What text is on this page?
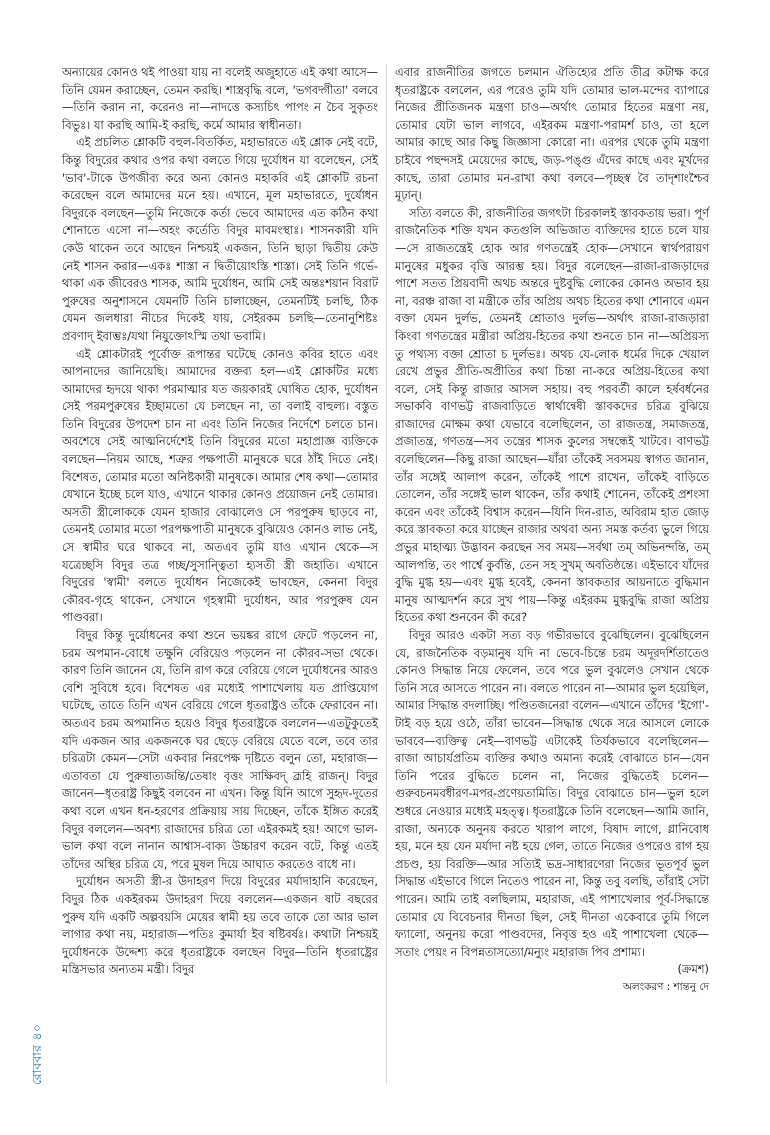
অন্যায়ের কোনও থই পাওয়া যায় না বলেই অজুহাতে এই কথা আসে—তিনি যেমন করাচ্ছেন, তেমন করছি। শাস্ত্রবৃদ্ধি বলে, 'ভগবদ্গীতা' বলবে—তিনি করান না, করেনও না—নাদত্তে কস্যচিৎ পাপং ন চৈব সুকৃতং বিভুঃ। যা করছি আমি-ই করছি, কর্মে আমার স্বাধীনতা।

এই প্রচলিত শ্লোকটি বহুল-বিতর্কিত, মহাভারতে এই শ্লোক নেই বটে, কিন্তু বিদুরের কথার ওপর কথা বলতে গিয়ে দুর্যোধন যা বলেছেন, সেই 'ভাব'-টাকে উপজীব্য করে অন্য কোনও মহাকবি এই শ্লোকটি রচনা করেছেন বলে আমাদের মনে হয়। এখানে, মূল মহাভারতে, দুর্যোধন বিদুরকে বলছেন—তুমি নিজেকে কর্তা ভেবে আমাদের এত কঠিন কথা শোনাতে এসো না—অহং কর্তেতি বিদুর মাবমংস্থাঃ। শাসনকারী যদি কেউ থাকেন তবে আছেন নিশ্চয়ই একজন, তিনি ছাড়া দ্বিতীয় কেউ নেই শাসন করার—একঃ শাস্তা ন দ্বিতীয়োঽস্তি শাস্তা। সেই তিনি গর্ভে-থাকা এক জীবেরও শাসক, আমি দুর্যোধন, আমি সেই অন্তঃশয়ান বিরাট পুরুষের অনুশাসনে যেমনটি তিনি চালাচ্ছেন, তেমনটিই চলছি, ঠিক যেমন জলধারা নীচের দিকেই যায়, সেইরকম চলছি—তেনানুশিষ্টঃ প্রবণাদ্ ইবাম্ভঃ/যথা নিযুক্তোঽস্মি তথা ভবামি।

এই শ্লোকটারই পূর্বোক্ত রূপান্তর ঘটেছে কোনও কবির হাতে এবং আপনাদের জানিয়েছি। আমাদের বক্তব্য হল—এই শ্লোকটির মধ্যে আমাদের হৃদয়ে থাকা পরমাত্মার যত জয়কারই ঘোষিত হোক, দুর্যোধন সেই পরমপুরুষের ইচ্ছামতো যে চলছেন না, তা বলাই বাহুল্য। বস্তুত তিনি বিদুরের উপদেশ চান না এবং তিনি নিজের নির্দেশে চলতে চান। অবশেষে সেই আত্মনির্দেশেই তিনি বিদুরের মতো মহাপ্রাজ্ঞ ব্যক্তিকে বলছেন—নিয়ম আছে, শত্রুর পক্ষপাতী মানুষকে ঘরে ঠাঁই দিতে নেই। বিশেষত, তোমার মতো অনিষ্টকারী মানুষকে। আমার শেষ কথা—তোমার যেখানে ইচ্ছে চলে যাও, এখানে থাকার কোনও প্রয়োজন নেই তোমার। অসতী স্ত্রীলোককে যেমন হাজার বোঝালেও সে পরপুরুষ ছাড়বে না, তেমনই তোমার মতো পরপক্ষপাতী মানুষকে বুঝিয়েও কোনও লাভ নেই, সে স্বামীর ঘরে থাকবে না, অতএব তুমি যাও এখান থেকে—স যত্রেচ্ছসি বিদুর তত্র গচ্ছ/সুসান্ত্বিতা হ্যসতী স্ত্রী জহাতি। এখানে বিদুরের 'স্বামী' বলতে দুর্যোধন নিজেকেই ভাবছেন, কেননা বিদুর কৌরব-গৃহে থাকেন, সেখানে গৃহস্বামী দুর্যোধন, আর পরপুরুষ যেন পাণ্ডবরা।

বিদুর কিন্তু দুর্যোধনের কথা শুনে ভয়ঙ্কর রাগে ফেটে পড়লেন না, চরম অপমান-বোধে তক্ষুনি বেরিয়েও পড়লেন না কৌরব-সভা থেকে। কারণ তিনি জানেন যে, তিনি রাগ করে বেরিয়ে গেলে দুর্যোধনের আরও বেশি সুবিধে হবে। বিশেষত এর মধ্যেই পাশাখেলায় যত প্রাপ্তিযোগ ঘটেছে, তাতে তিনি এখন বেরিয়ে গেলে ধৃতরাষ্ট্রও তাঁকে ফেরাবেন না। অতএব চরম অপমানিত হয়েও বিদুর ধৃতরাষ্ট্রকে বললেন—এতটুকুতেই যদি একজন আর একজনকে ঘর ছেড়ে বেরিয়ে যেতে বলে, তবে তার চরিত্রটা কেমন—সেটা একবার নিরপেক্ষ দৃষ্টিতে বলুন তো, মহারাজ—এতাবতা যে পুরুষাত্যজন্তি/তেষাং বৃত্তং সাক্ষিবদ্ ব্রূহি রাজন্। বিদুর জানেন—ধৃতরাষ্ট্র কিছুই বলবেন না এখন। কিন্তু যিনি আগে সুহৃদ-দূতের কথা বলে এখন ধন-হরণের প্রক্রিয়ায় সায় দিচ্ছেন, তাঁকে ইঙ্গিত করেই বিদুর বললেন—অবশ্য রাজাদের চরিত্র তো এইরকমই হয়! আগে ভাল-ভাল কথা বলে নানান আশ্বাস-বাক্য উচ্চারণ করেন বটে, কিন্তু এতই তাঁদের অস্থির চরিত্র যে, পরে মুষল দিয়ে আঘাত করতেও বাধে না।

দুর্যোধন অসতী স্ত্রী-র উদাহরণ দিয়ে বিদুরের মর্যাদাহানি করেছেন, বিদুর ঠিক একইরকম উদাহরণ দিয়ে বললেন—একজন ষাট বছরের পুরুষ যদি একটি অল্পবয়সি মেয়ের স্বামী হয় তবে তাকে তো আর ভাল লাগার কথা নয়, মহারাজ—পতিঃ কুমার্যা ইব ষষ্টিবর্ষঃ। কথাটা নিশ্চয়ই দুর্যোধনকে উদ্দেশ্য করে ধৃতরাষ্ট্রকে বলছেন বিদুর—তিনি ধৃতরাষ্ট্রের মন্ত্রিসভার অন্যতম মন্ত্রী। বিদুর

এবার রাজনীতির জগতে চলমান ঐতিহ্যের প্রতি তীব্র কটাক্ষ করে ধৃতরাষ্ট্রকে বললেন, এর পরেও তুমি যদি তোমার ভাল-মন্দের ব্যাপারে নিজের প্রীতিজনক মন্ত্রণা চাও—অর্থাৎ তোমার হিতের মন্ত্রণা নয়, তোমার যেটা ভাল লাগবে, এইরকম মন্ত্রণা-পরামর্শ চাও, তা হলে আমার কাছে আর কিছু জিজ্ঞাসা কোরো না। এরপর থেকে তুমি মন্ত্রণা চাইবে পছন্দসই মেয়েদের কাছে, জড়-পঙ্গু এঁদের কাছে এবং মূর্খদের কাছে, তারা তোমার মন-রাখা কথা বলবে—পৃচ্ছস্ব বৈ তাদৃশাংশ্চৈব মূঢ়ান্।

সত্যি বলতে কী, রাজনীতির জগৎটা চিরকালই স্তাবকতায় ভরা। পূর্ণ রাজনৈতিক শক্তি যখন কতগুলি অভিজাত ব্যক্তিদের হাতে চলে যায়—সে রাজতন্ত্রেই হোক আর গণতন্ত্রেই হোক—সেখানে স্বার্থপরায়ণ মানুষের মধুকর বৃত্তি আরম্ভ হয়। বিদুর বলেছেন—রাজা-রাজড়াদের পাশে সতত প্রিয়বাদী অথচ অন্তরে দুষ্টবুদ্ধি লোকের কোনও অভাব হয় না, বরঞ্চ রাজা বা মন্ত্রীকে তাঁর অপ্রিয় অথচ হিতের কথা শোনাবে এমন বক্তা যেমন দুর্লভ, তেমনই শ্রোতাও দুর্লভ—অর্থাৎ রাজা-রাজড়ারা কিংবা গণতন্ত্রের মন্ত্রীরা অপ্রিয়-হিতের কথা শুনতে চান না—অপ্রিয়স্য তু পথ্যস্য বক্তা শ্রোতা চ দুর্লভঃ। অথচ যে-লোক ধর্মের দিকে খেয়াল রেখে প্রভুর প্রীতি-অপ্রীতির কথা চিন্তা না-করে অপ্রিয়-হিতের কথা বলে, সেই কিন্তু রাজার আসল সহায়। বহু পরবর্তী কালে হর্ষবর্ধনের সভাকবি বাণভট্ট রাজবাড়িতে স্বার্থান্বেষী স্তাবকদের চরিত্র বুঝিয়ে রাজাদের মোক্ষম কথা যেভাবে বলেছিলেন, তা রাজতন্ত্র, সমাজতন্ত্র, প্রজাতন্ত্র, গণতন্ত্র—সব তন্ত্রের শাসক কুলের সম্বন্ধেই খাটবে। বাণভট্ট বলেছিলেন—কিছু রাজা আছেন—যাঁরা তাঁকেই সবসময় স্বাগত জানান, তাঁর সঙ্গেই আলাপ করেন, তাঁকেই পাশে রাখেন, তাঁকেই বাড়িতে তোলেন, তাঁর সঙ্গেই ভাল থাকেন, তাঁর কথাই শোনেন, তাঁকেই প্রশংসা করেন এবং তাঁকেই বিশ্বাস করেন—যিনি দিন-রাত, অবিরাম হাত জোড় করে স্তাবকতা করে যাচ্ছেন রাজার অথবা অন্য সমস্ত কর্তব্য ভুলে গিয়ে প্রভুর মাহাত্ম্য উদ্ভাবন করছেন সব সময়—সর্বথা তম্ অভিনন্দন্তি, তম্ আলপন্তি, তং পার্শ্বে কুর্বন্তি, তেন সহ সুখম্ অবতিষ্ঠন্তে। এইভাবে যাঁদের বুদ্ধি মুগ্ধ হয়—এবং মুগ্ধ হবেই, কেননা স্তাবকতার আয়নাতে বুদ্ধিমান মানুষ আত্মদর্শন করে সুখ পায়—কিন্তু এইরকম মুগ্ধবুদ্ধি রাজা অপ্রিয় হিতের কথা শুনবেন কী করে?

বিদুর আরও একটা সত্য বড় গভীরভাবে বুঝেছিলেন। বুঝেছিলেন যে, রাজনৈতিক বড়মানুষ যদি না ভেবে-চিন্তে চরম অদূরদর্শিতাতেও কোনও সিদ্ধান্ত নিয়ে ফেলেন, তবে পরে ভুল বুঝলেও সেখান থেকে তিনি সরে আসতে পারেন না। বলতে পারেন না—আমার ভুল হয়েছিল, আমার সিদ্ধান্ত বদলাচ্ছি। পণ্ডিতজনেরা বলেন—এখানে তাঁদের 'ইগো'-টাই বড় হয়ে ওঠে, তাঁরা ভাবেন—সিদ্ধান্ত থেকে সরে আসলে লোকে ভাববে—ব্যক্তিত্ব নেই—বাণভট্ট এটাকেই তির্যকভাবে বলেছিলেন—রাজা আচার্যপ্রতিম ব্যক্তির কথাও অমান্য করেই বোঝাতে চান—যেন তিনি পরের বুদ্ধিতে চলেন না, নিজের বুদ্ধিতেই চলেন—গুরুবচনমবধীরণ-মপর-প্রণেয়তামিতি। বিদুর বোঝাতে চান—ভুল হলে শুধরে নেওয়ার মধ্যেই মহত্ত্ব। ধৃতরাষ্ট্রকে তিনি বলেছেন—আমি জানি, রাজা, অন্যকে অনুনয় করতে খারাপ লাগে, বিষাদ লাগে, গ্লানিবোধ হয়, মনে হয় যেন মর্যাদা নষ্ট হয়ে গেল, তাতে নিজের ওপরেও রাগ হয় প্রচণ্ড, হয় বিরক্তি—আর সত্যিই ভদ্র-সাধারণেরা নিজের ভূতপূর্ব ভুল সিদ্ধান্ত এইভাবে গিলে নিতেও পারেন না, কিন্তু তবু বলছি, তাঁরাই সেটা পারেন। আমি তাই বলছিলাম, মহারাজ, এই পাশাখেলার পূর্ব-সিদ্ধান্তে তোমার যে বিবেচনার দীনতা ছিল, সেই দীনতা একেবারে তুমি গিলে ফ্যালো, অনুনয় করো পাণ্ডবদের, নিবৃত্ত হও এই পাশাখেলা থেকে—সতাং পেয়ং ন বিপন্নতাসত্যো/মন্যুং মহারাজ পিব প্রশাম্য।

(ক্রমশ)

অলংকরণ : শান্তনু দে

রোববার ৪০
